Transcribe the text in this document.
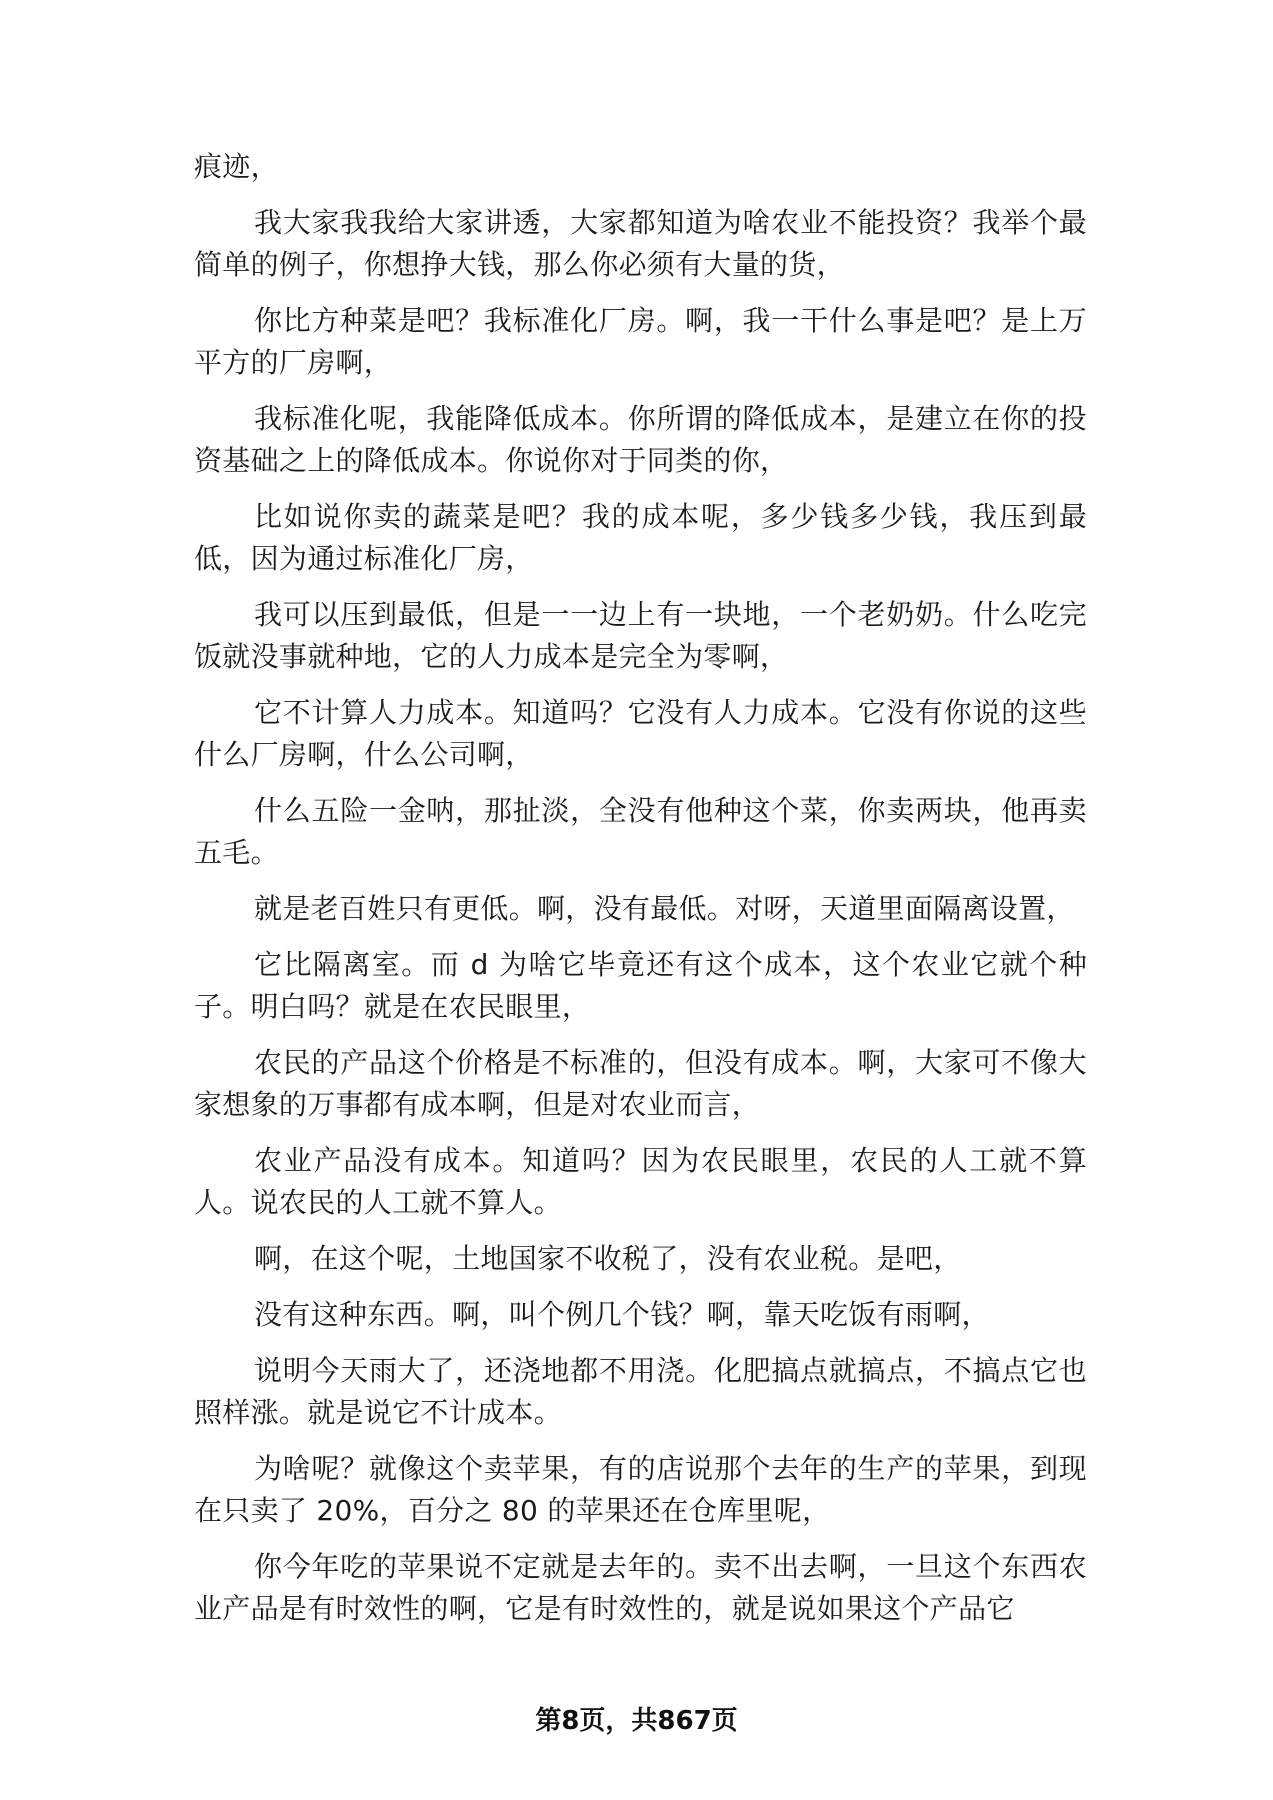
痕迹，

我大家我我给大家讲透，大家都知道为啥农业不能投资？我举个最简单的例子，你想挣大钱，那么你必须有大量的货，

你比方种菜是吧？我标准化厂房。啊，我一干什么事是吧？是上万平方的厂房啊，

我标准化呢，我能降低成本。你所谓的降低成本，是建立在你的投资基础之上的降低成本。你说你对于同类的你，

比如说你卖的蔬菜是吧？我的成本呢，多少钱多少钱，我压到最低，因为通过标准化厂房，

我可以压到最低，但是一一边上有一块地，一个老奶奶。什么吃完饭就没事就种地，它的人力成本是完全为零啊，

它不计算人力成本。知道吗？它没有人力成本。它没有你说的这些什么厂房啊，什么公司啊，

什么五险一金呐，那扯淡，全没有他种这个菜，你卖两块，他再卖五毛。

就是老百姓只有更低。啊，没有最低。对呀，天道里面隔离设置，

它比隔离室。而 d 为啥它毕竟还有这个成本，这个农业它就个种子。明白吗？就是在农民眼里，

农民的产品这个价格是不标准的，但没有成本。啊，大家可不像大家想象的万事都有成本啊，但是对农业而言，

农业产品没有成本。知道吗？因为农民眼里，农民的人工就不算人。说农民的人工就不算人。

啊，在这个呢，土地国家不收税了，没有农业税。是吧，

没有这种东西。啊，叫个例几个钱？啊，靠天吃饭有雨啊，

说明今天雨大了，还浇地都不用浇。化肥搞点就搞点，不搞点它也照样涨。就是说它不计成本。

为啥呢？就像这个卖苹果，有的店说那个去年的生产的苹果，到现在只卖了 20%，百分之 80 的苹果还在仓库里呢，

你今年吃的苹果说不定就是去年的。卖不出去啊，一旦这个东西农业产品是有时效性的啊，它是有时效性的，就是说如果这个产品它

第8页，共867页
